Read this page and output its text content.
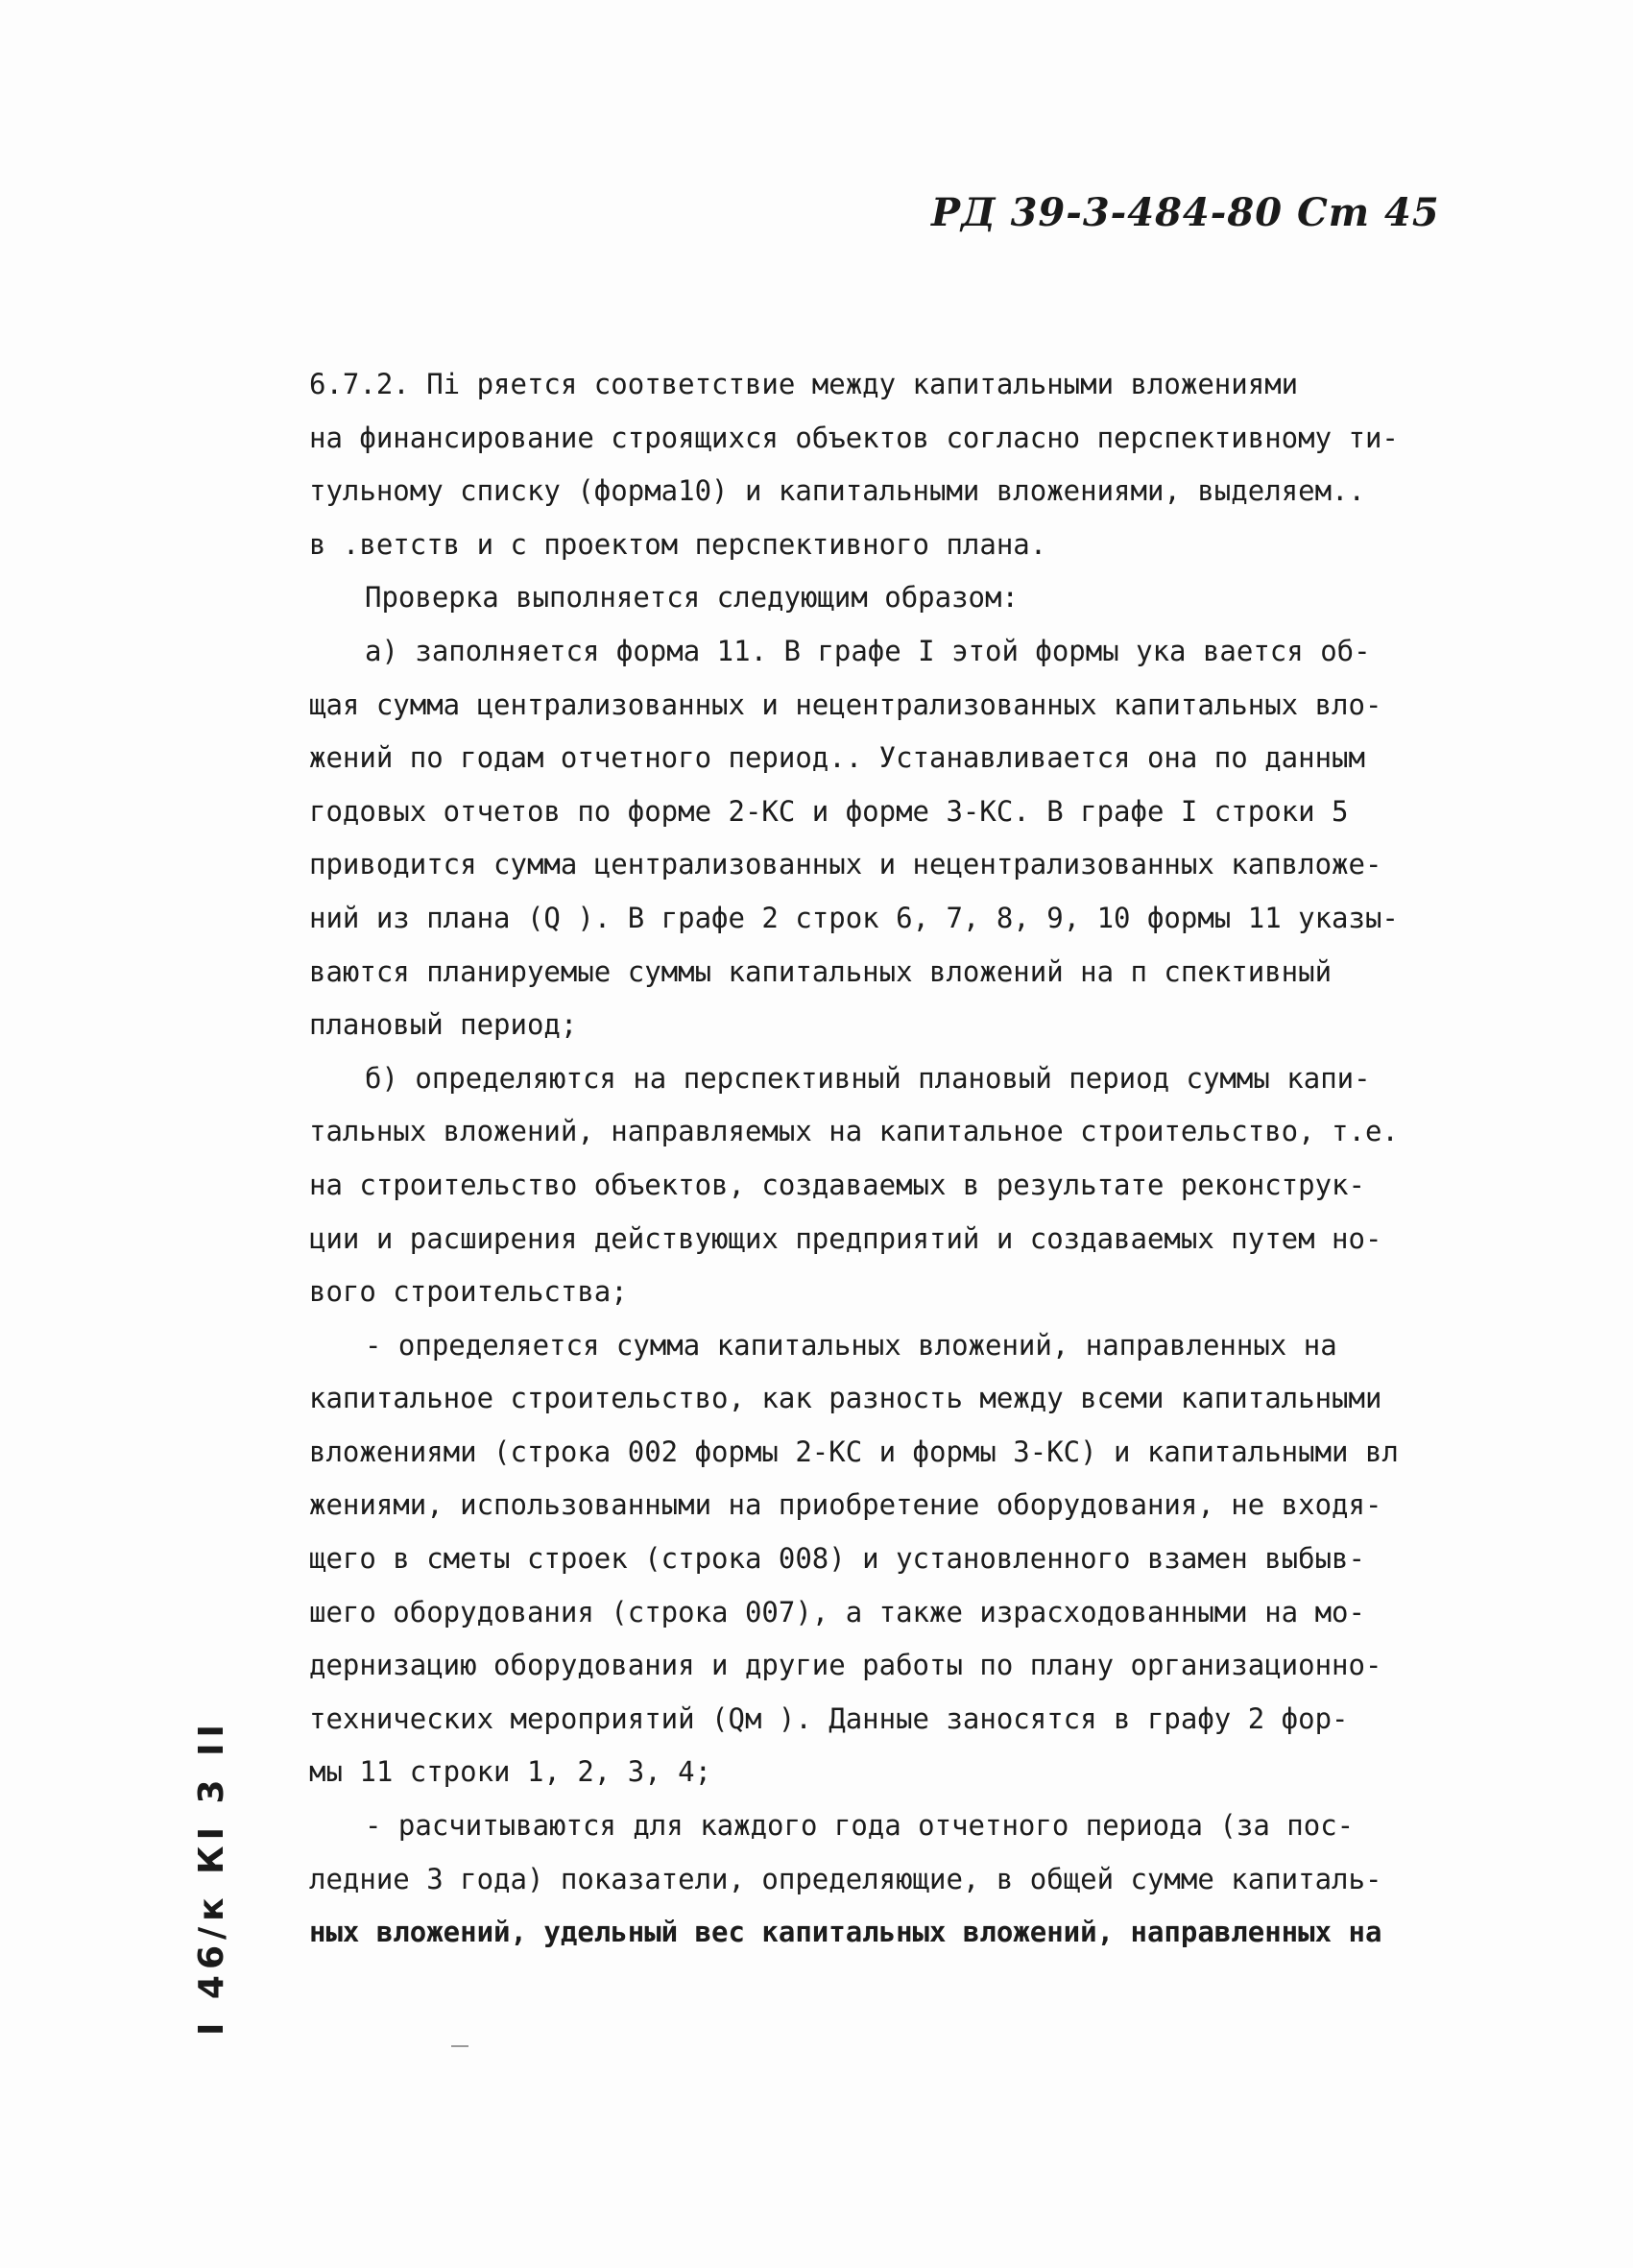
РД 39-3-484-80 Ст 45
6.7.2. Пі ряется соответствие между капитальными вложениями
на финансирование строящихся объектов согласно перспективному ти-
тульному списку (форма10) и капитальными вложениями, выделяем..
в .ветств и с проектом перспективного плана.
Проверка выполняется следующим образом:
а) заполняется форма 11. В графе I этой формы ука вается об-
щая сумма централизованных и нецентрализованных капитальных вло-
жений по годам отчетного период.. Устанавливается она по данным
годовых отчетов по форме 2-КС и форме 3-КС. В графе I строки 5
приводится сумма централизованных и нецентрализованных капвложе-
ний из плана (Q ). В графе 2 строк 6, 7, 8, 9, 10 формы 11 указы-
ваются планируемые суммы капитальных вложений на п спективный
плановый период;
б) определяются на перспективный плановый период суммы капи-
тальных вложений, направляемых на капитальное строительство, т.е.
на строительство объектов, создаваемых в результате реконструк-
ции и расширения действующих предприятий и создаваемых путем но-
вого строительства;
- определяется сумма капитальных вложений, направленных на
капитальное строительство, как разность между всеми капитальными
вложениями (строка 002 формы 2-КС и формы 3-КС) и капитальными вл
жениями, использованными на приобретение оборудования, не входя-
щего в сметы строек (строка 008) и установленного взамен выбыв-
шего оборудования (строка 007), а также израсходованными на мо-
дернизацию оборудования и другие работы по плану организационно-
технических мероприятий (Qм ). Данные заносятся в графу 2 фор-
мы 11 строки 1, 2, 3, 4;
- расчитываются для каждого года отчетного периода (за пос-
ледние 3 года) показатели, определяющие, в общей сумме капиталь-
ных вложений, удельный вес капитальных вложений, направленных на
I 46/к КI 3 II
